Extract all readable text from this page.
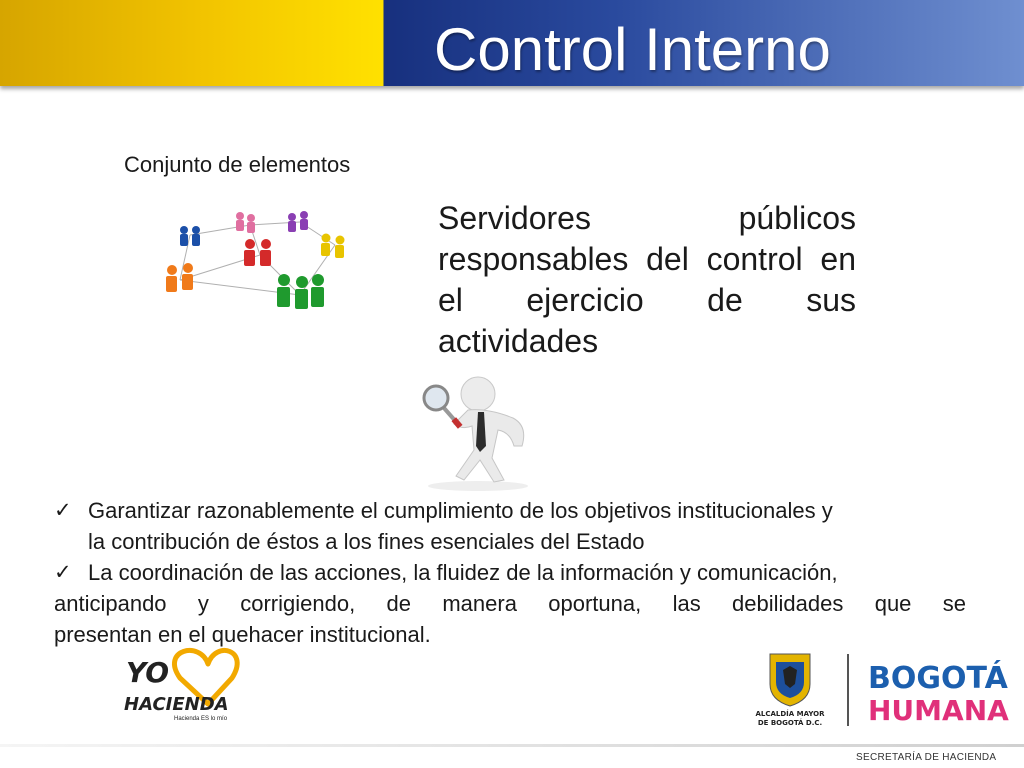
Control Interno
Conjunto de elementos
Servidores públicos responsables del control en el ejercicio de sus actividades
✓ Garantizar razonablemente el cumplimiento de los objetivos institucionales y
la contribución de éstos a los fines esenciales del Estado
✓ La coordinación de las acciones, la fluidez de la información y comunicación,
anticipando y corrigiendo, de manera oportuna, las debilidades que se
presentan en el quehacer institucional.
YO
HACIENDA
Hacienda ES lo mío
ALCALDÍA MAYOR
DE BOGOTÁ D.C.
BOGOTÁ
HUMANA
SECRETARÍA DE HACIENDA
